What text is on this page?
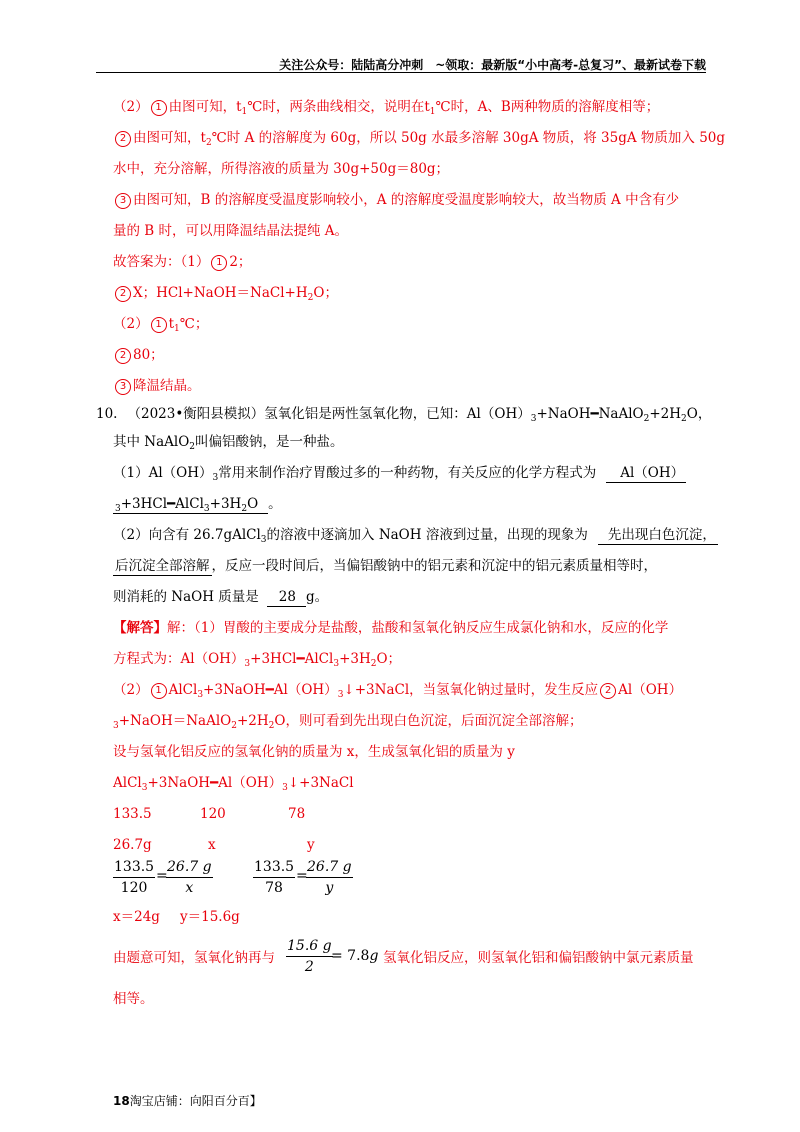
关注公众号：陆陆高分冲刺　~领取：最新版“小中高考-总复习”、最新试卷下载
（2） 1 由图可知，$t_1℃$时，两条曲线相交，说明在$t_1℃$时，A、B两种物质的溶解度相等；
2 由图可知，$t_2℃$时 A 的溶解度为 60g，所以 50g 水最多溶解 30gA 物质，将 35gA 物质加入 50g
水中，充分溶解，所得溶液的质量为 30g+50g＝80g；
3 由图可知，B 的溶解度受温度影响较小，A 的溶解度受温度影响较大，故当物质 A 中含有少
量的 B 时，可以用降温结晶法提纯 A。
故答案为：（1） 1 2；
2 X；$HCl+NaOH=NaCl+H_2O$；
（2） 1 $t_1℃$；
2 80；
3 降温结晶。
10. （2023•衡阳县模拟）氢氧化铝是两性氢氧化物，已知：$Al(OH)_3+NaOH━NaAlO_2+2H_2O$，
其中 NaAlO$_2$叫偏铝酸钠，是一种盐。
$(1)Al(OH)_3$常用来制作治疗胃酸过多的一种药物，有关反应的化学方程式为 Al（OH）
$_3+3HCl━AlCl_3+3H_2O$ 。
（2）向含有 26.7gAlCl$_3$的溶液中逐滴加入 NaOH 溶液到过量，出现的现象为 先出现白色沉淀，
后沉淀全部溶解 ，反应一段时间后，当偏铝酸钠中的铝元素和沉淀中的铝元素质量相等时，
则消耗的 NaOH 质量是 28 g。
【解答】解：（1）胃酸的主要成分是盐酸，盐酸和氢氧化钠反应生成氯化钠和水，反应的化学
方程式为：$Al(OH)_3+3HCl━AlCl_3+3H_2O$；
（2） 1 $AlCl_3+3NaOH━Al(OH)_3↓+3NaCl$，当氢氧化钠过量时，发生反应 2 Al（OH）
$_3+NaOH=NaAlO_2+2H_2O$，则可看到先出现白色沉淀，后面沉淀全部溶解；
设与氢氧化铝反应的氢氧化钠的质量为 x，生成氢氧化铝的质量为 y
$AlCl_3+3NaOH━Al(OH)_3↓+3NaCl$
133.5	120	78
26.7g	x	y
$\frac{133.5}{120}$ =
$\frac{26.7 g}{x}$	$\frac{133.5}{78}$ =
$\frac{26.7 g}{y}$
x＝24g y＝15.6g
由题意可知，氢氧化钠再与 $\frac{15.6 g}{2}$
= 7.8g 氢氧化铝反应，则氢氧化铝和偏铝酸钠中氯元素质量
相等。
18淘宝店铺：向阳百分百】
